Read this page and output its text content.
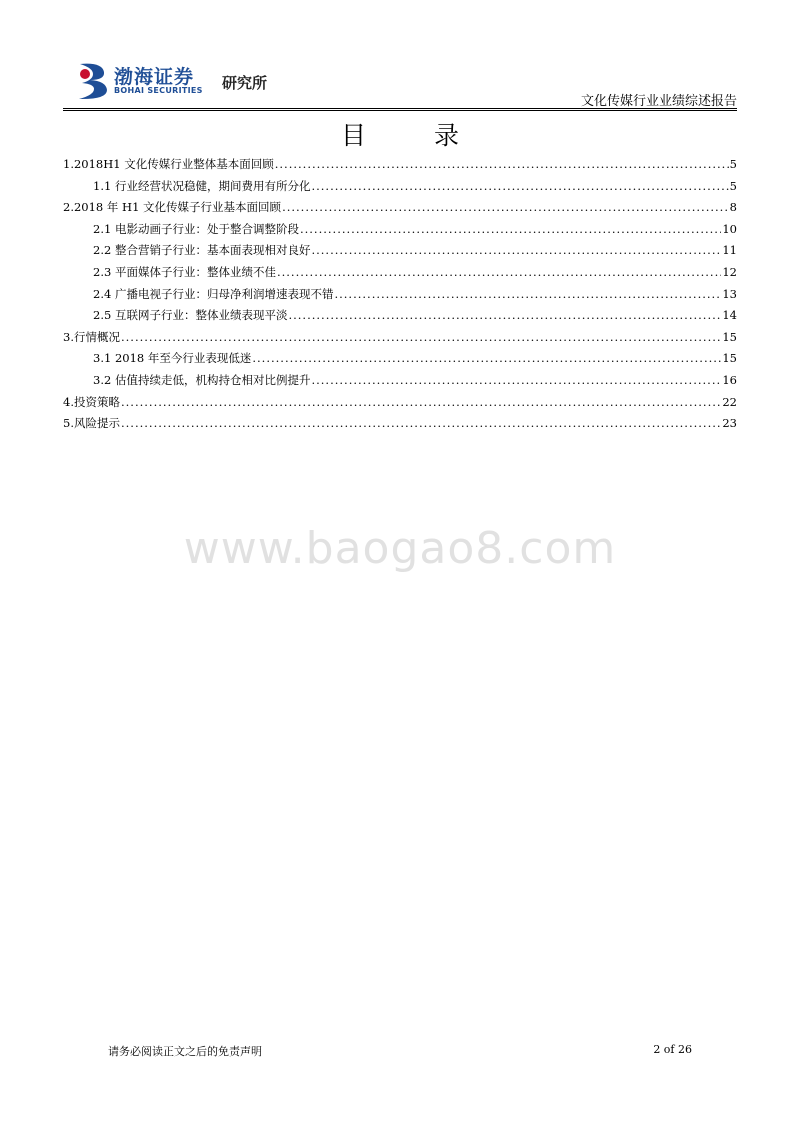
渤海证券
BOHAI SECURITIES 研究所
文化传媒行业业绩综述报告
目 录
1.2018H1 文化传媒行业整体基本面回顾 .....	5
1.1 行业经营状况稳健，期间费用有所分化 .....	5
2.2018 年 H1 文化传媒子行业基本面回顾 .....	8
2.1 电影动画子行业：处于整合调整阶段 .....	10
2.2 整合营销子行业：基本面表现相对良好 .....	11
2.3 平面媒体子行业：整体业绩不佳 .....	12
2.4 广播电视子行业：归母净利润增速表现不错 .....	13
2.5 互联网子行业：整体业绩表现平淡 .....	14
3.行情概况 .....	15
3.1 2018 年至今行业表现低迷 .....	15
3.2 估值持续走低，机构持仓相对比例提升 .....	16
4.投资策略 .....	22
5.风险提示 .....	23
www.baogao8.com
请务必阅读正文之后的免责声明	2 of 26
